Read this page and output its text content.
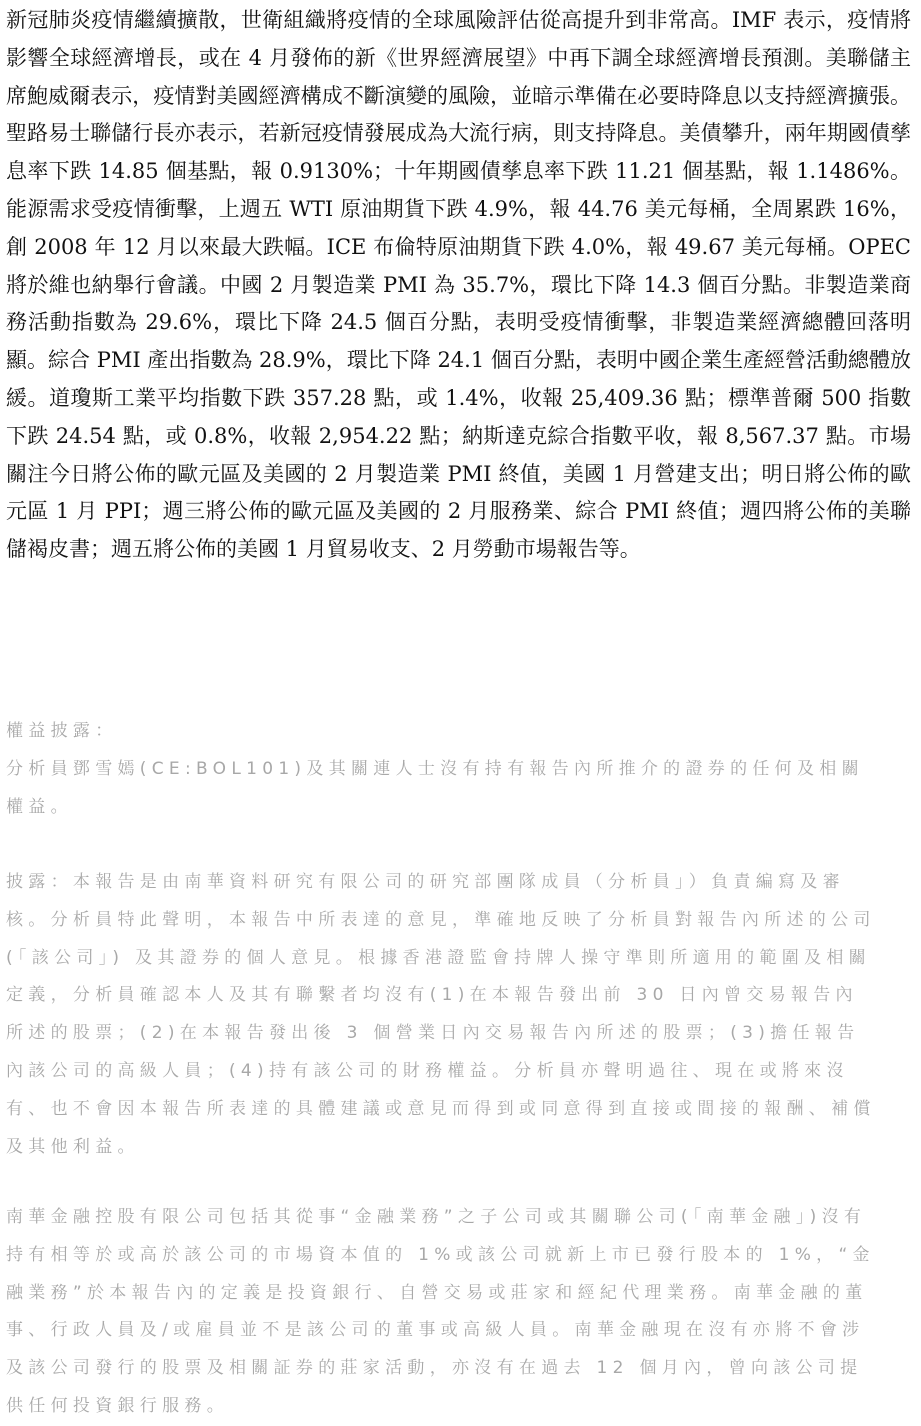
新冠肺炎疫情繼續擴散，世衛組織將疫情的全球風險評估從高提升到非常高。IMF 表示，疫情將影響全球經濟增長，或在 4 月發佈的新《世界經濟展望》中再下調全球經濟增長預測。美聯儲主席鮑威爾表示，疫情對美國經濟構成不斷演變的風險，並暗示準備在必要時降息以支持經濟擴張。聖路易士聯儲行長亦表示，若新冠疫情發展成為大流行病，則支持降息。美債攀升，兩年期國債孳息率下跌 14.85 個基點，報 0.9130%；十年期國債孳息率下跌 11.21 個基點，報 1.1486%。能源需求受疫情衝擊，上週五 WTI 原油期貨下跌 4.9%，報 44.76 美元每桶，全周累跌 16%，創 2008 年 12 月以來最大跌幅。ICE 布倫特原油期貨下跌 4.0%，報 49.67 美元每桶。OPEC 將於維也納舉行會議。中國 2 月製造業 PMI 為 35.7%，環比下降 14.3 個百分點。非製造業商務活動指數為 29.6%，環比下降 24.5 個百分點，表明受疫情衝擊，非製造業經濟總體回落明顯。綜合 PMI 產出指數為 28.9%，環比下降 24.1 個百分點，表明中國企業生產經營活動總體放緩。道瓊斯工業平均指數下跌 357.28 點，或 1.4%，收報 25,409.36 點；標準普爾 500 指數下跌 24.54 點，或 0.8%，收報 2,954.22 點；納斯達克綜合指數平收，報 8,567.37 點。市場關注今日將公佈的歐元區及美國的 2 月製造業 PMI 終值，美國 1 月營建支出；明日將公佈的歐元區 1 月 PPI；週三將公佈的歐元區及美國的 2 月服務業、綜合 PMI 終值；週四將公佈的美聯儲褐皮書；週五將公佈的美國 1 月貿易收支、2 月勞動市場報告等。

權益披露：

分析員鄧雪嫣(CE:BOL101)及其關連人士沒有持有報告內所推介的證券的任何及相關權益。

披露：本報告是由南華資料研究有限公司的研究部團隊成員（分析員」）負責編寫及審核。分析員特此聲明，本報告中所表達的意見，準確地反映了分析員對報告內所述的公司(「該公司」) 及其證券的個人意見。根據香港證監會持牌人操守準則所適用的範圍及相關定義，分析員確認本人及其有聯繫者均沒有(1)在本報告發出前 30 日內曾交易報告內所述的股票；(2)在本報告發出後 3 個營業日內交易報告內所述的股票；(3)擔任報告內該公司的高級人員；(4)持有該公司的財務權益。分析員亦聲明過往、現在或將來沒有、也不會因本報告所表達的具體建議或意見而得到或同意得到直接或間接的報酬、補償及其他利益。

南華金融控股有限公司包括其從事“金融業務”之子公司或其關聯公司(「南華金融」)沒有持有相等於或高於該公司的市場資本值的 1%或該公司就新上市已發行股本的 1%，“金融業務”於本報告內的定義是投資銀行、自營交易或莊家和經紀代理業務。南華金融的董事、行政人員及/或雇員並不是該公司的董事或高級人員。南華金融現在沒有亦將不會涉及該公司發行的股票及相關証券的莊家活動，亦沒有在過去 12 個月內，曾向該公司提供任何投資銀行服務。
